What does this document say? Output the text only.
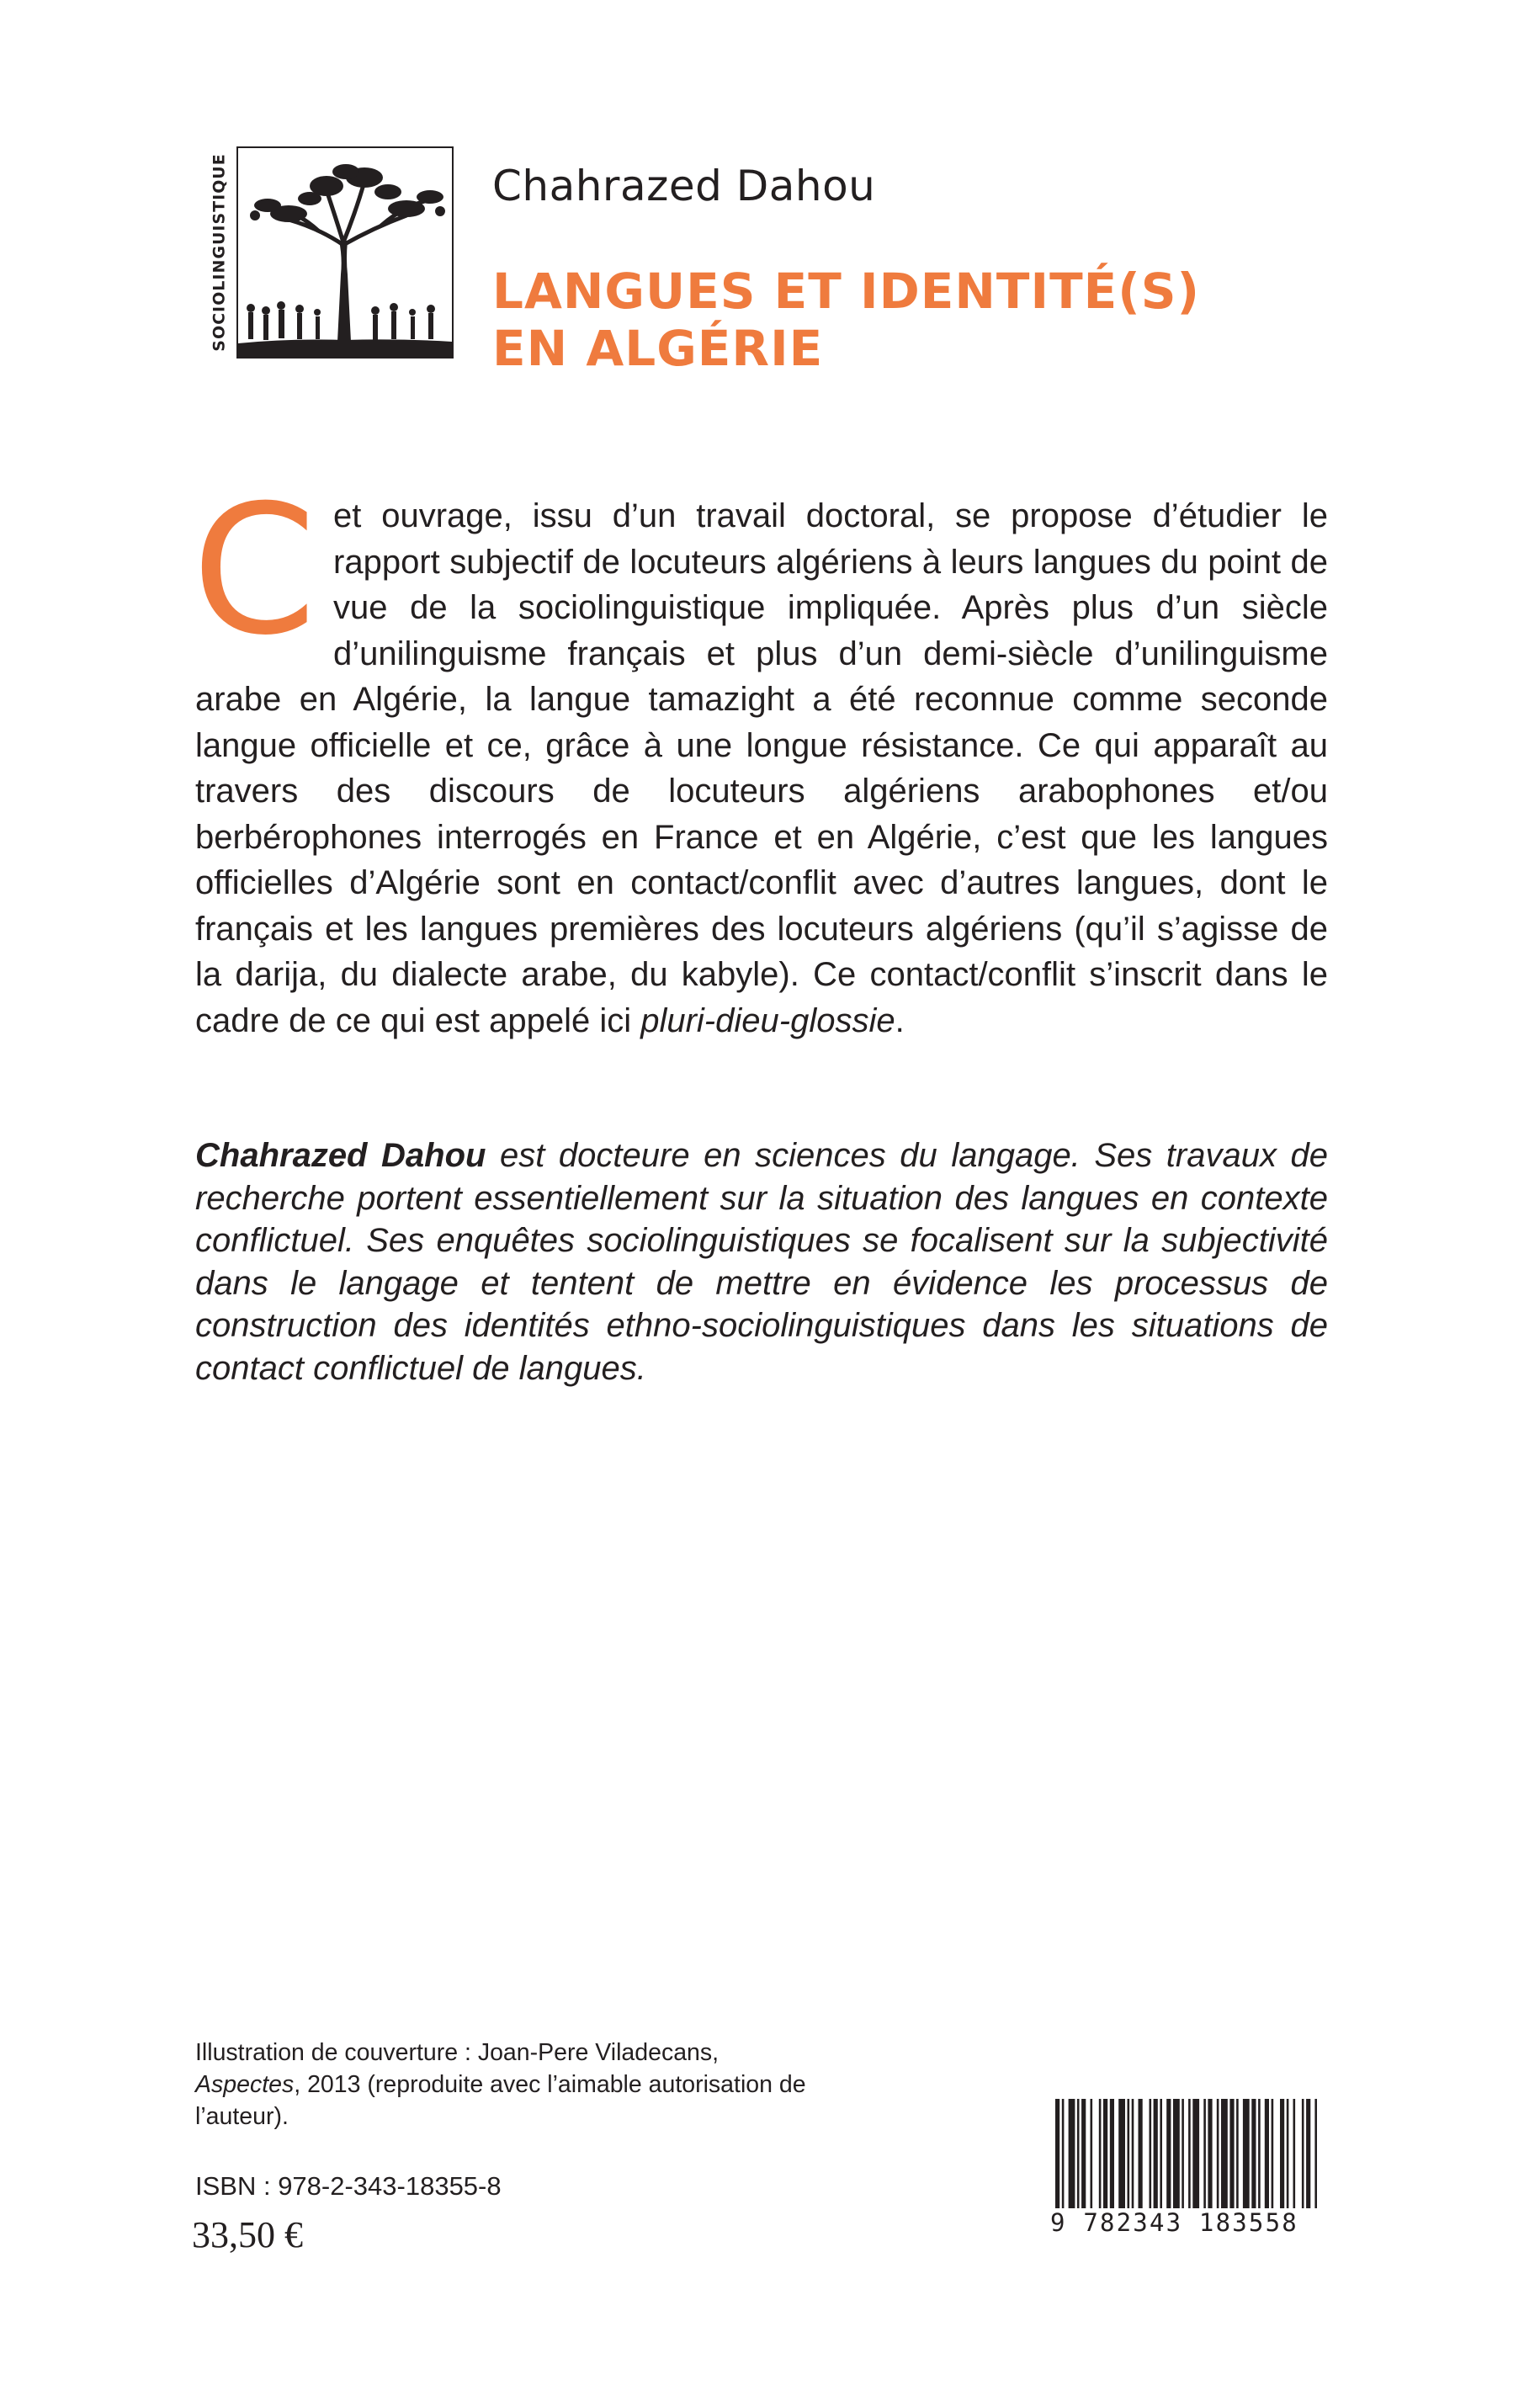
SOCIOLINGUISTIQUE	Chahrazed Dahou
LANGUES ET IDENTITÉ(S)
EN ALGÉRIE
Cet ouvrage, issu d’un travail doctoral, se propose d’étudier le rapport subjectif de locuteurs algériens à leurs langues du point de vue de la sociolinguistique impliquée. Après plus d’un siècle d’unilinguisme français et plus d’un demi-siècle d’unilinguisme arabe en Algérie, la langue tamazight a été reconnue comme seconde langue officielle et ce, grâce à une longue résistance. Ce qui apparaît au travers des discours de locuteurs algériens arabophones et/ou berbérophones interrogés en France et en Algérie, c’est que les langues officielles d’Algérie sont en contact/conflit avec d’autres langues, dont le français et les langues premières des locuteurs algériens (qu’il s’agisse de la darija, du dialecte arabe, du kabyle). Ce contact/conflit s’inscrit dans le cadre de ce qui est appelé ici pluri-dieu-glossie.
Chahrazed Dahou est docteure en sciences du langage. Ses travaux de recherche portent essentiellement sur la situation des langues en contexte conflictuel. Ses enquêtes sociolinguistiques se focalisent sur la subjectivité dans le langage et tentent de mettre en évidence les processus de construction des identités ethno-sociolinguistiques dans les situations de contact conflictuel de langues.
Illustration de couverture : Joan-Pere Viladecans,
Aspectes, 2013 (reproduite avec l’aimable autorisation de l’auteur).
ISBN : 978-2-343-18355-8
33,50 €	9 782343 183558
